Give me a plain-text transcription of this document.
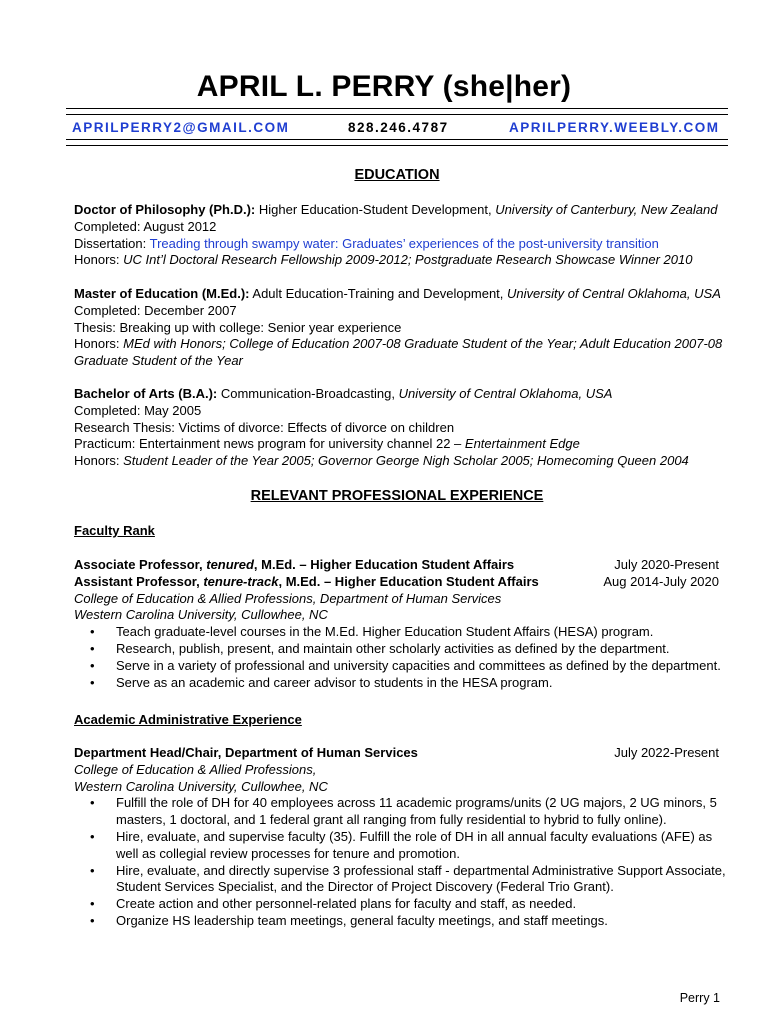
APRIL L. PERRY (she|her)
APRILPERRY2@GMAIL.COM	828.246.4787	APRILPERRY.WEEBLY.COM
EDUCATION
Doctor of Philosophy (Ph.D.): Higher Education-Student Development, University of Canterbury, New Zealand
Completed: August 2012
Dissertation: Treading through swampy water: Graduates’ experiences of the post-university transition
Honors: UC Int’l Doctoral Research Fellowship 2009-2012; Postgraduate Research Showcase Winner 2010
Master of Education (M.Ed.): Adult Education-Training and Development, University of Central Oklahoma, USA
Completed: December 2007
Thesis: Breaking up with college: Senior year experience
Honors: MEd with Honors; College of Education 2007-08 Graduate Student of the Year; Adult Education 2007-08
Graduate Student of the Year
Bachelor of Arts (B.A.): Communication-Broadcasting, University of Central Oklahoma, USA
Completed: May 2005
Research Thesis: Victims of divorce: Effects of divorce on children
Practicum: Entertainment news program for university channel 22 – Entertainment Edge
Honors: Student Leader of the Year 2005; Governor George Nigh Scholar 2005; Homecoming Queen 2004
RELEVANT PROFESSIONAL EXPERIENCE
Faculty Rank
Associate Professor, tenured, M.Ed. – Higher Education Student Affairs	July 2020-Present
Assistant Professor, tenure-track, M.Ed. – Higher Education Student Affairs	Aug 2014-July 2020
College of Education & Allied Professions, Department of Human Services
Western Carolina University, Cullowhee, NC
• Teach graduate-level courses in the M.Ed. Higher Education Student Affairs (HESA) program.
• Research, publish, present, and maintain other scholarly activities as defined by the department.
• Serve in a variety of professional and university capacities and committees as defined by the department.
• Serve as an academic and career advisor to students in the HESA program.
Academic Administrative Experience
Department Head/Chair, Department of Human Services	July 2022-Present
College of Education & Allied Professions,
Western Carolina University, Cullowhee, NC
• Fulfill the role of DH for 40 employees across 11 academic programs/units (2 UG majors, 2 UG minors, 5
masters, 1 doctoral, and 1 federal grant all ranging from fully residential to hybrid to fully online).
• Hire, evaluate, and supervise faculty (35). Fulfill the role of DH in all annual faculty evaluations (AFE) as
well as collegial review processes for tenure and promotion.
• Hire, evaluate, and directly supervise 3 professional staff - departmental Administrative Support Associate,
Student Services Specialist, and the Director of Project Discovery (Federal Trio Grant).
• Create action and other personnel-related plans for faculty and staff, as needed.
• Organize HS leadership team meetings, general faculty meetings, and staff meetings.
Perry 1
